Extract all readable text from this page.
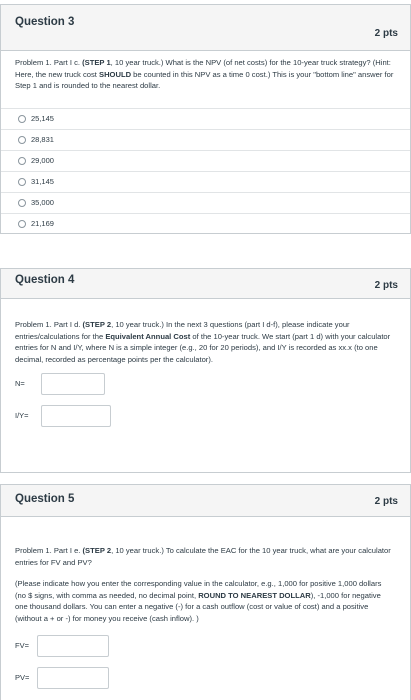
Question 3
2 pts
Problem 1. Part I c. (STEP 1, 10 year truck.) What is the NPV (of net costs) for the 10-year truck strategy? (Hint: Here, the new truck cost SHOULD be counted in this NPV as a time 0 cost.) This is your "bottom line" answer for Step 1 and is rounded to the nearest dollar.
25,145
28,831
29,000
31,145
35,000
21,169
Question 4	2 pts
Problem 1. Part I d. (STEP 2, 10 year truck.) In the next 3 questions (part I d-f), please indicate your entries/calculations for the Equivalent Annual Cost of the 10-year truck. We start (part 1 d) with your calculator entries for N and I/Y, where N is a simple integer (e.g., 20 for 20 periods), and I/Y is recorded as xx.x (to one decimal, recorded as percentage points per the calculator).
N=
I/Y=
Question 5	2 pts
Problem 1. Part I e. (STEP 2, 10 year truck.) To calculate the EAC for the 10 year truck, what are your calculator entries for FV and PV?
(Please indicate how you enter the corresponding value in the calculator, e.g., 1,000 for positive 1,000 dollars (no $ signs, with comma as needed, no decimal point, ROUND TO NEAREST DOLLAR), -1,000 for negative one thousand dollars. You can enter a negative (-) for a cash outflow (cost or value of cost) and a positive (without a + or -) for money you receive (cash inflow). )
FV=
PV=
